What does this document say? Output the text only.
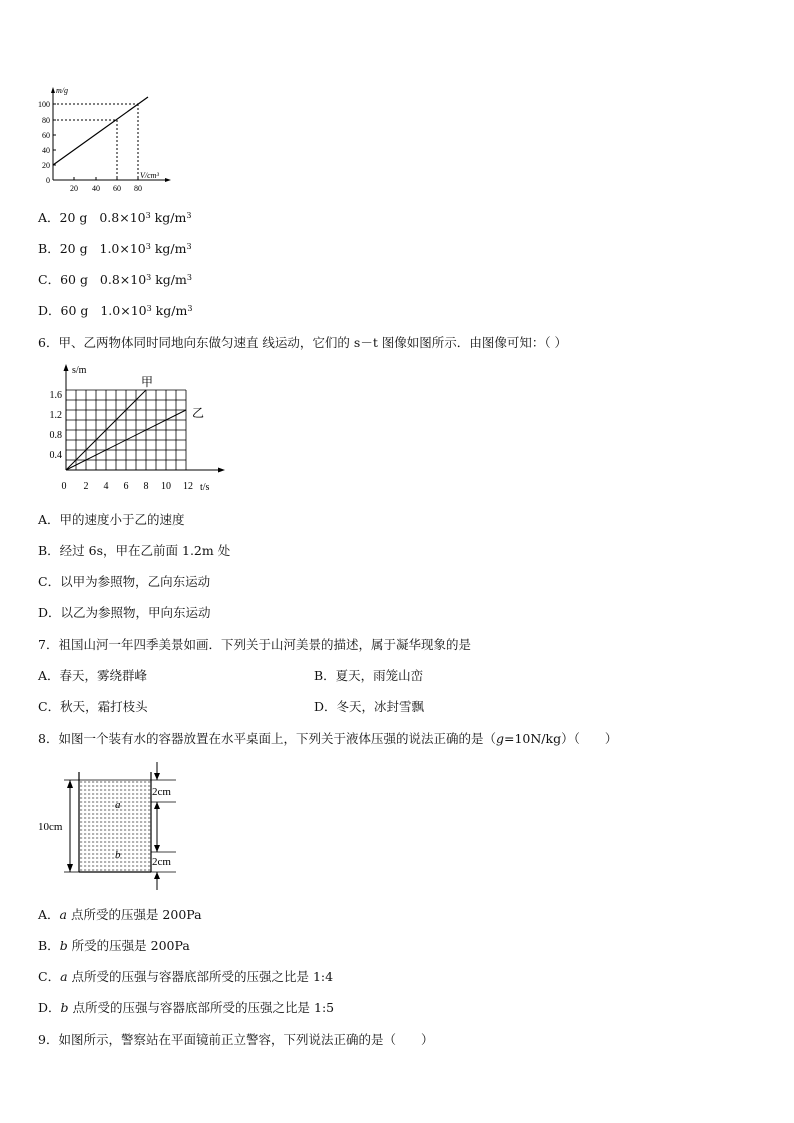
m/g
100
80
60
40
20
0
20 40 60 80
V/cm³
A．20 g   $0.8\times 10^3$ $kg/m^3$
B．20 g   $1.0\times 10^3$ $kg/m^3$
C．60 g   $0.8\times 10^3$ $kg/m^3$
D．60 g   $1.0\times 10^3$ $kg/m^3$
6．甲、乙两物体同时同地向东做匀速直 线运动，它们的 s－t 图像如图所示．由图像可知：（ ）
s/m
甲
乙
1.6
1.2
0.8
0.4
0 2 4 6 8 10 12 t/s
A．甲的速度小于乙的速度
B．经过 6s，甲在乙前面 1.2m 处
C．以甲为参照物，乙向东运动
D．以乙为参照物，甲向东运动
7．祖国山河一年四季美景如画．下列关于山河美景的描述，属于凝华现象的是
A．春天，雾绕群峰	B．夏天，雨笼山峦
C．秋天，霜打枝头	D．冬天，冰封雪飘
8．如图一个装有水的容器放置在水平桌面上，下列关于液体压强的说法正确的是（g=10N/kg）（　　）
10cm
2cm
2cm
a
b
A．a 点所受的压强是 200Pa
B．b 所受的压强是 200Pa
C．a 点所受的压强与容器底部所受的压强之比是 1:4
D．b 点所受的压强与容器底部所受的压强之比是 1:5
9．如图所示，警察站在平面镜前正立警容，下列说法正确的是（　　）
